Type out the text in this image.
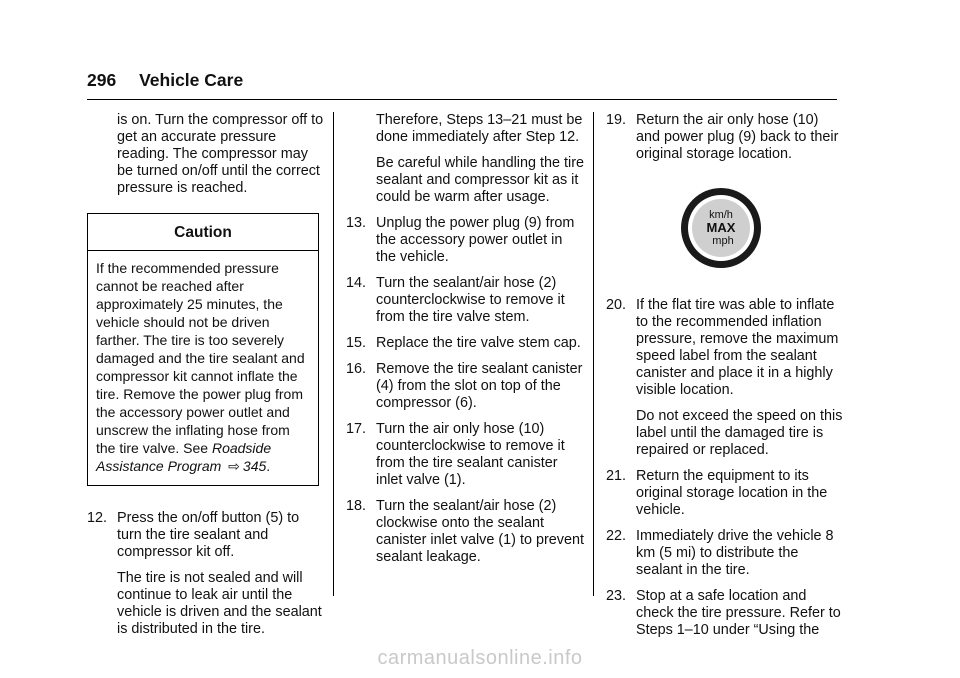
296 Vehicle Care

is on. Turn the compressor off to get an accurate pressure reading. The compressor may be turned on/off until the correct pressure is reached.

Caution
If the recommended pressure cannot be reached after approximately 25 minutes, the vehicle should not be driven farther. The tire is too severely damaged and the tire sealant and compressor kit cannot inflate the tire. Remove the power plug from the accessory power outlet and unscrew the inflating hose from the tire valve. See Roadside Assistance Program ⇨ 345.

12. Press the on/off button (5) to turn the tire sealant and compressor kit off.

The tire is not sealed and will continue to leak air until the vehicle is driven and the sealant is distributed in the tire.

Therefore, Steps 13–21 must be done immediately after Step 12.

Be careful while handling the tire sealant and compressor kit as it could be warm after usage.

13. Unplug the power plug (9) from the accessory power outlet in the vehicle.

14. Turn the sealant/air hose (2) counterclockwise to remove it from the tire valve stem.

15. Replace the tire valve stem cap.

16. Remove the tire sealant canister (4) from the slot on top of the compressor (6).

17. Turn the air only hose (10) counterclockwise to remove it from the tire sealant canister inlet valve (1).

18. Turn the sealant/air hose (2) clockwise onto the sealant canister inlet valve (1) to prevent sealant leakage.

19. Return the air only hose (10) and power plug (9) back to their original storage location.

km/h
MAX
mph

20. If the flat tire was able to inflate to the recommended inflation pressure, remove the maximum speed label from the sealant canister and place it in a highly visible location.

Do not exceed the speed on this label until the damaged tire is repaired or replaced.

21. Return the equipment to its original storage location in the vehicle.

22. Immediately drive the vehicle 8 km (5 mi) to distribute the sealant in the tire.

23. Stop at a safe location and check the tire pressure. Refer to Steps 1–10 under “Using the

carmanualsonline.info
